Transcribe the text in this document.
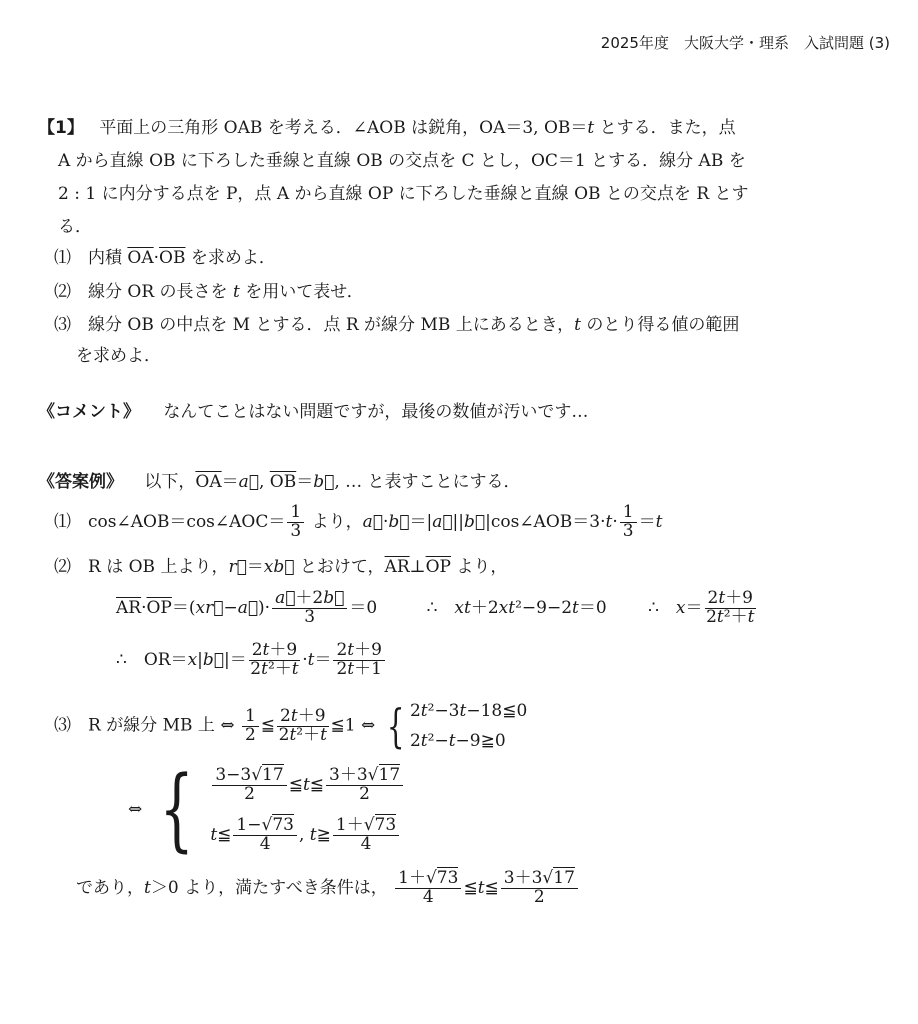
2025年度　大阪大学・理系　入試問題 (3)
【1】 平面上の三角形 OAB を考える．∠AOB は鋭角，OA＝3, OB＝t とする．また，点
A から直線 OB に下ろした垂線と直線 OB の交点を C とし，OC＝1 とする．線分 AB を
2 : 1 に内分する点を P，点 A から直線 OP に下ろした垂線と直線 OB との交点を R とす
る．
⑴　内積 $\overline{OA}\cdot\overline{OB}$ を求めよ．
⑵　線分 OR の長さを t を用いて表せ．
⑶　線分 OB の中点を M とする．点 R が線分 MB 上にあるとき，t のとり得る値の範囲
を求めよ．
《コメント》 なんてことはない問題ですが，最後の数値が汚いです…
《答案例》 以下，$\overline{OA}=a⃗$, $\overline{OB}=b⃗$, … と表すことにする．
⑴　cos∠AOB＝cos∠AOC＝ $\frac{1}{3}$ より，a⃗·b⃗＝|a⃗||b⃗|cos∠AOB＝3·t· $\frac{1}{3} =t$
⑵　R は OB 上より，r⃗＝xb⃗ とおけて，$\overline{AR}\perp\overline{OP}$ より，
$\overline{AR}\cdot\overline{OP}=(xr⃗-a⃗)\cdot \frac{a⃗+2b⃗}{3} =0$	∴　xt＋2xt²−9−2t＝0 ∴　$x= \frac{2t+9}{\text{2t²＋t}}$
∴　OR＝x|b⃗|＝ $\frac{2t+9}{\text{2t²＋t}} \cdot t= \frac{2t+9}{2t+1}$
⑶　R が線分 MB 上 ⇔ $\frac{1}{2}$ ≦ $\frac{2t+9}{\text{2t²＋t}}$ ≦1 ⇔ { 2t²−3t−18≦0
2t²−t−9≧0
⇔ { $\frac{3-3√17}{2}$ ≦t≦ $\frac{3+3√17}{2}$
t≦ $\frac{1-√73}{4}$ , t≧ $\frac{1+√73}{4}$
であり，t＞0 より，満たすべき条件は， $\frac{1+√73}{4}$ ≦t≦ $\frac{3+3√17}{2}$
